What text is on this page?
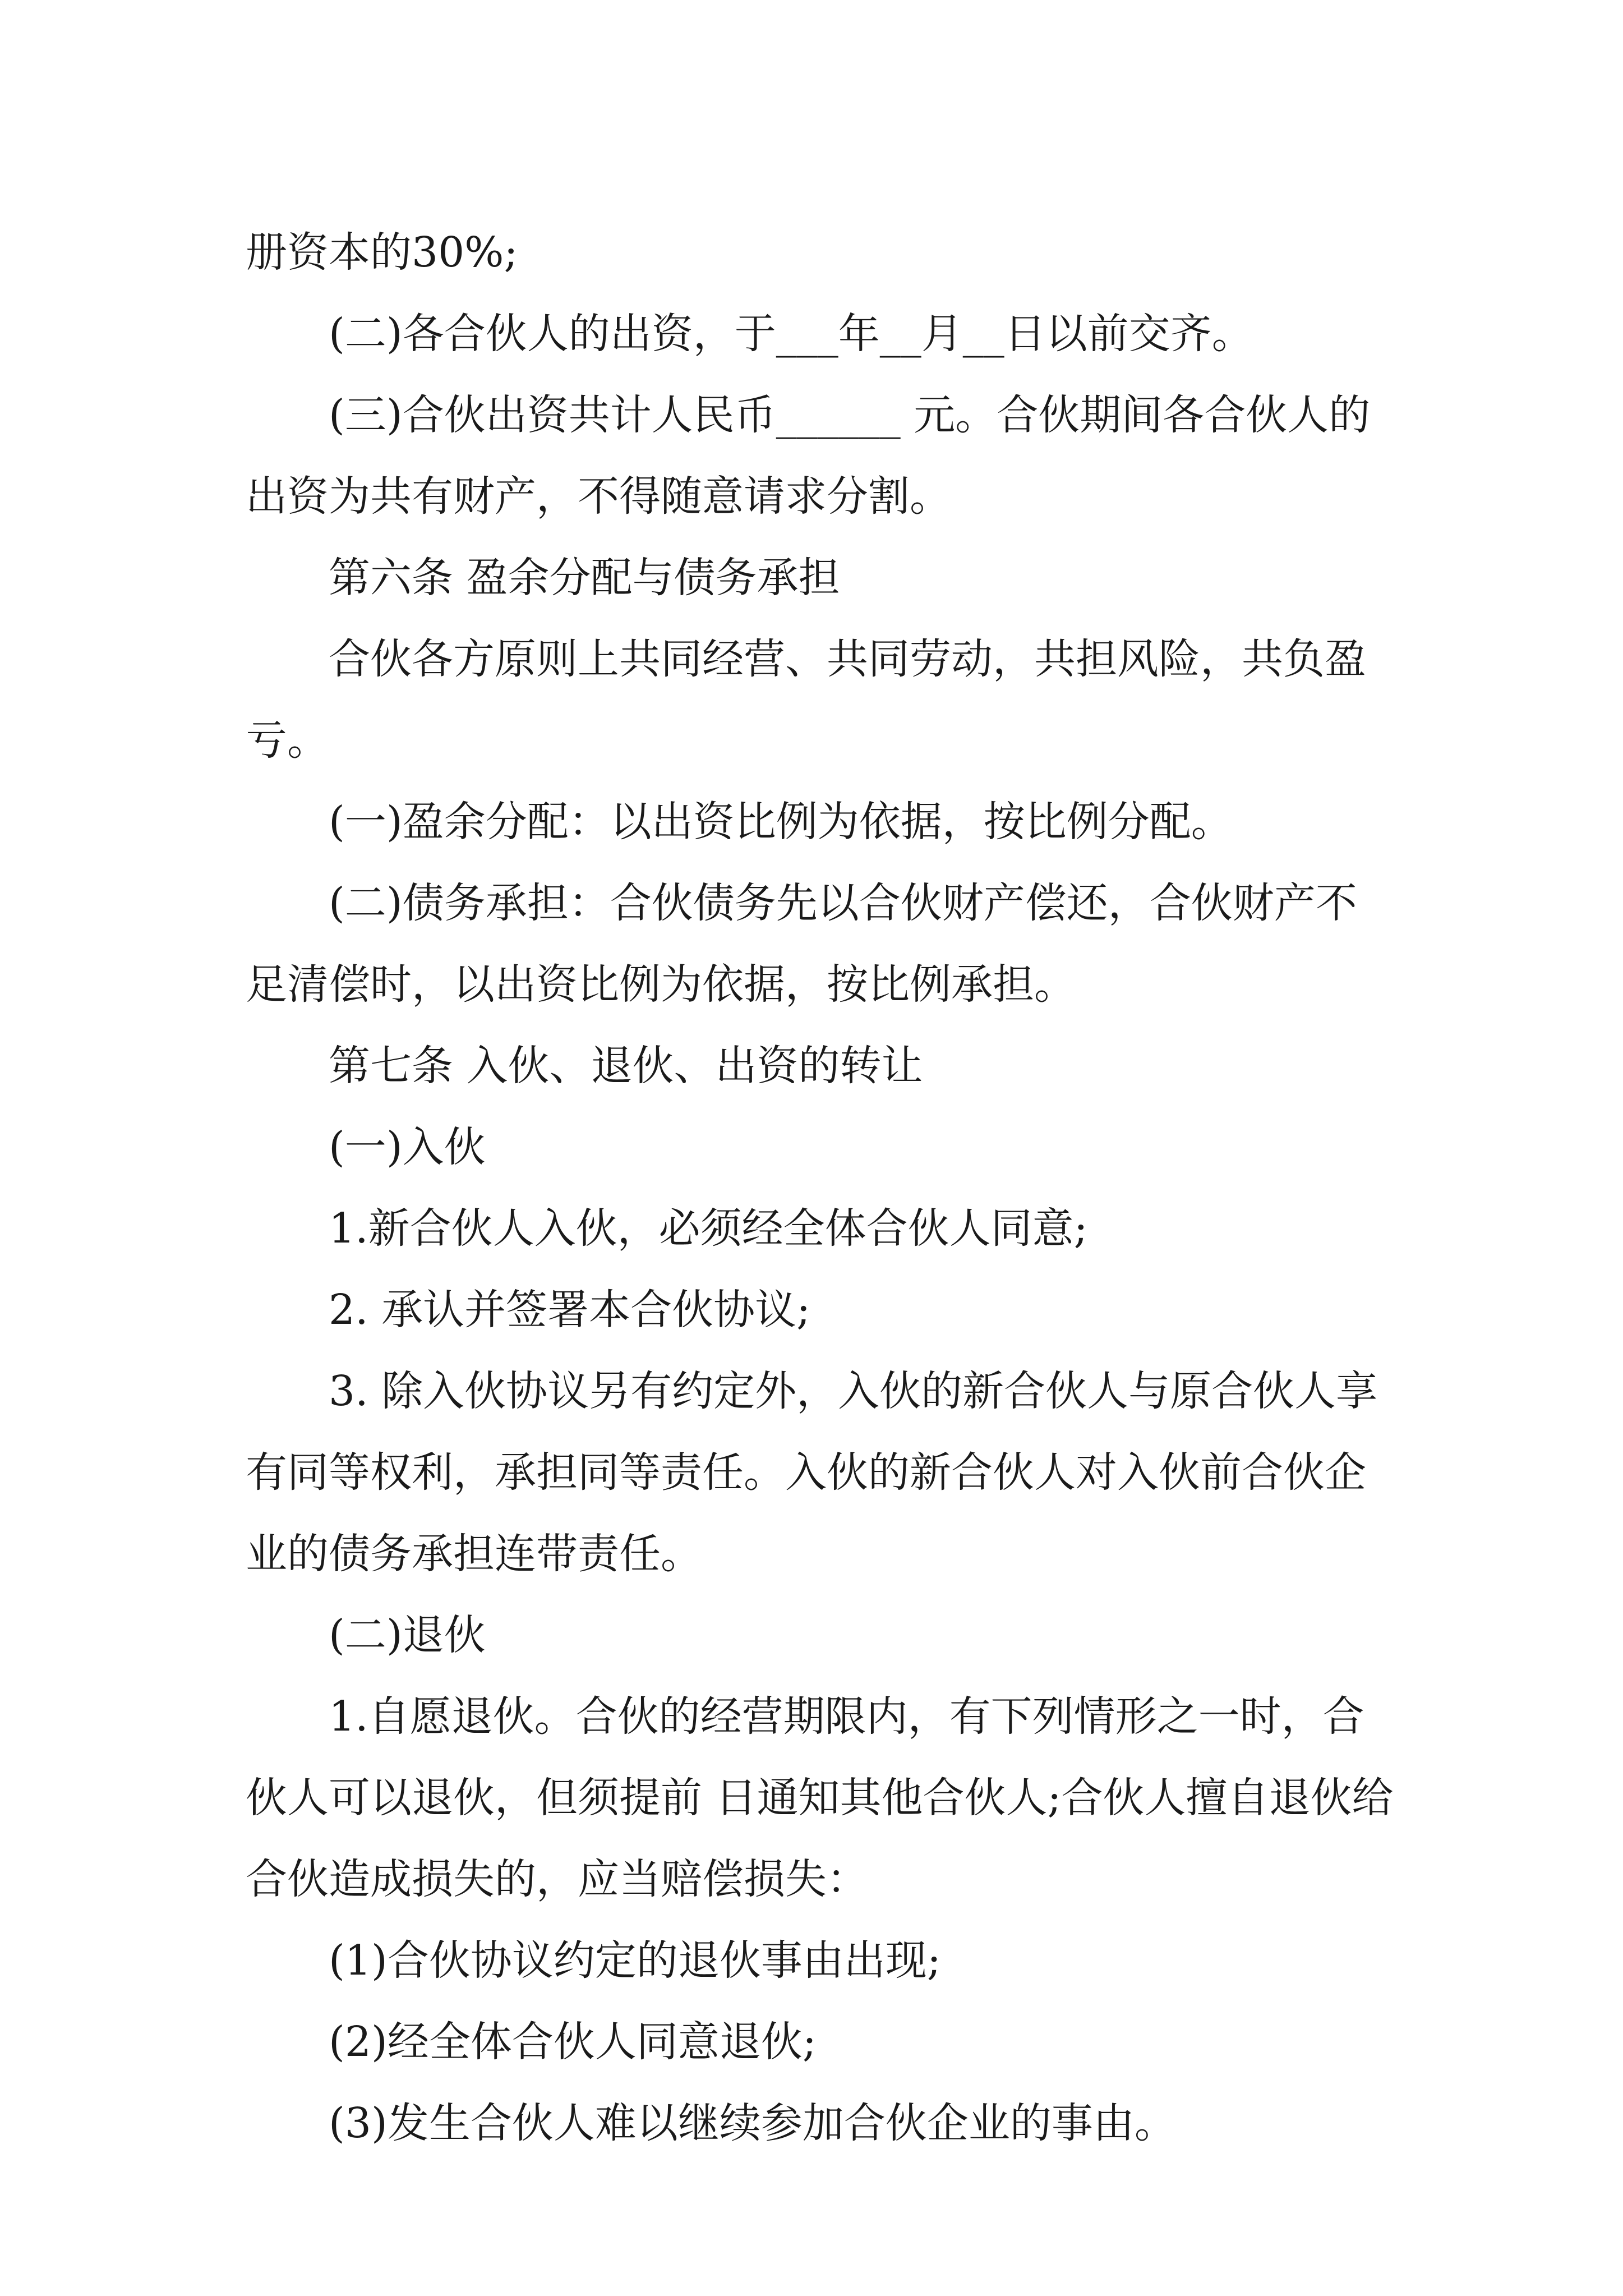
册资本的30%;

(二)各合伙人的出资，于___年__月__日以前交齐。

(三)合伙出资共计人民币______ 元。合伙期间各合伙人的出资为共有财产，不得随意请求分割。

第六条 盈余分配与债务承担

合伙各方原则上共同经营、共同劳动，共担风险，共负盈亏。

(一)盈余分配：以出资比例为依据，按比例分配。

(二)债务承担：合伙债务先以合伙财产偿还，合伙财产不足清偿时，以出资比例为依据，按比例承担。

第七条 入伙、退伙、出资的转让

(一)入伙

1.新合伙人入伙，必须经全体合伙人同意;

2. 承认并签署本合伙协议;

3. 除入伙协议另有约定外，入伙的新合伙人与原合伙人享有同等权利，承担同等责任。入伙的新合伙人对入伙前合伙企业的债务承担连带责任。

(二)退伙

1.自愿退伙。合伙的经营期限内，有下列情形之一时，合伙人可以退伙，但须提前 日通知其他合伙人;合伙人擅自退伙给合伙造成损失的，应当赔偿损失：

(1)合伙协议约定的退伙事由出现;

(2)经全体合伙人同意退伙;

(3)发生合伙人难以继续参加合伙企业的事由。
